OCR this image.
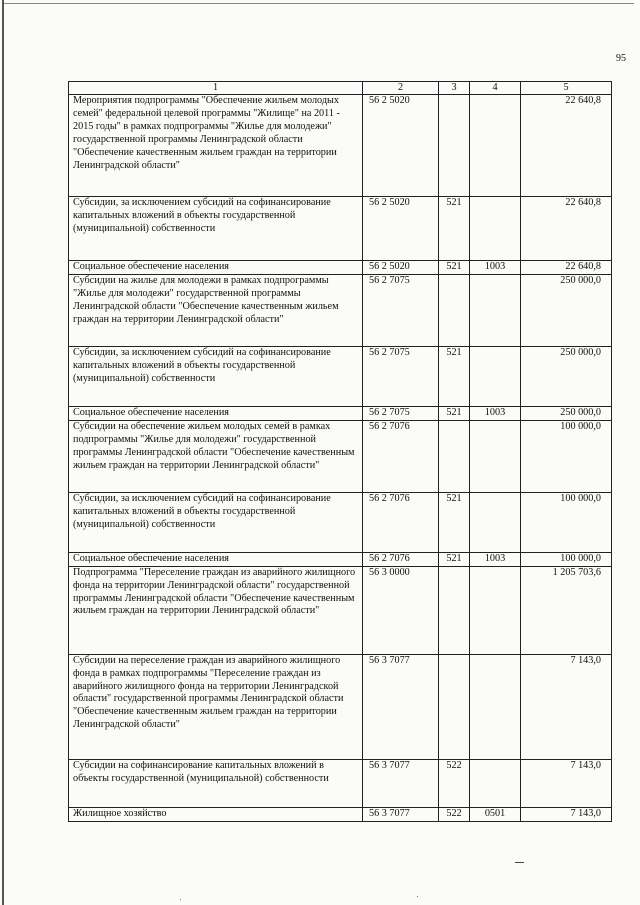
95
1	2	3	4	5
Мероприятия подпрограммы "Обеспечение жильем молодых семей" федеральной целевой программы "Жилище" на 2011 - 2015 годы" в рамках подпрограммы "Жилье для молодежи" государственной программы Ленинградской области "Обеспечение качественным жильем граждан на территории Ленинградской области"	56 2 5020			22 640,8
Субсидии, за исключением субсидий на софинансирование капитальных вложений в объекты государственной (муниципальной) собственности	56 2 5020	521		22 640,8
Социальное обеспечение населения	56 2 5020	521	1003	22 640,8
Субсидии на жилье для молодежи в рамках подпрограммы "Жилье для молодежи" государственной программы Ленинградской области "Обеспечение качественным жильем граждан на территории Ленинградской области"	56 2 7075			250 000,0
Субсидии, за исключением субсидий на софинансирование капитальных вложений в объекты государственной (муниципальной) собственности	56 2 7075	521		250 000,0
Социальное обеспечение населения	56 2 7075	521	1003	250 000,0
Субсидии на обеспечение жильем молодых семей в рамках подпрограммы "Жилье для молодежи" государственной программы Ленинградской области "Обеспечение качественным жильем граждан на территории Ленинградской области"	56 2 7076			100 000,0
Субсидии, за исключением субсидий на софинансирование капитальных вложений в объекты государственной (муниципальной) собственности	56 2 7076	521		100 000,0
Социальное обеспечение населения	56 2 7076	521	1003	100 000,0
Подпрограмма "Переселение граждан из аварийного жилищного фонда на территории Ленинградской области" государственной программы Ленинградской области "Обеспечение качественным жильем граждан на территории Ленинградской области"	56 3 0000			1 205 703,6
Субсидии на переселение граждан из аварийного жилищного фонда в рамках подпрограммы "Переселение граждан из аварийного жилищного фонда на территории Ленинградской области" государственной программы Ленинградской области "Обеспечение качественным жильем граждан на территории Ленинградской области"	56 3 7077			7 143,0
Субсидии на софинансирование капитальных вложений в объекты государственной (муниципальной) собственности	56 3 7077	522		7 143,0
Жилищное хозяйство	56 3 7077	522	0501	7 143,0
